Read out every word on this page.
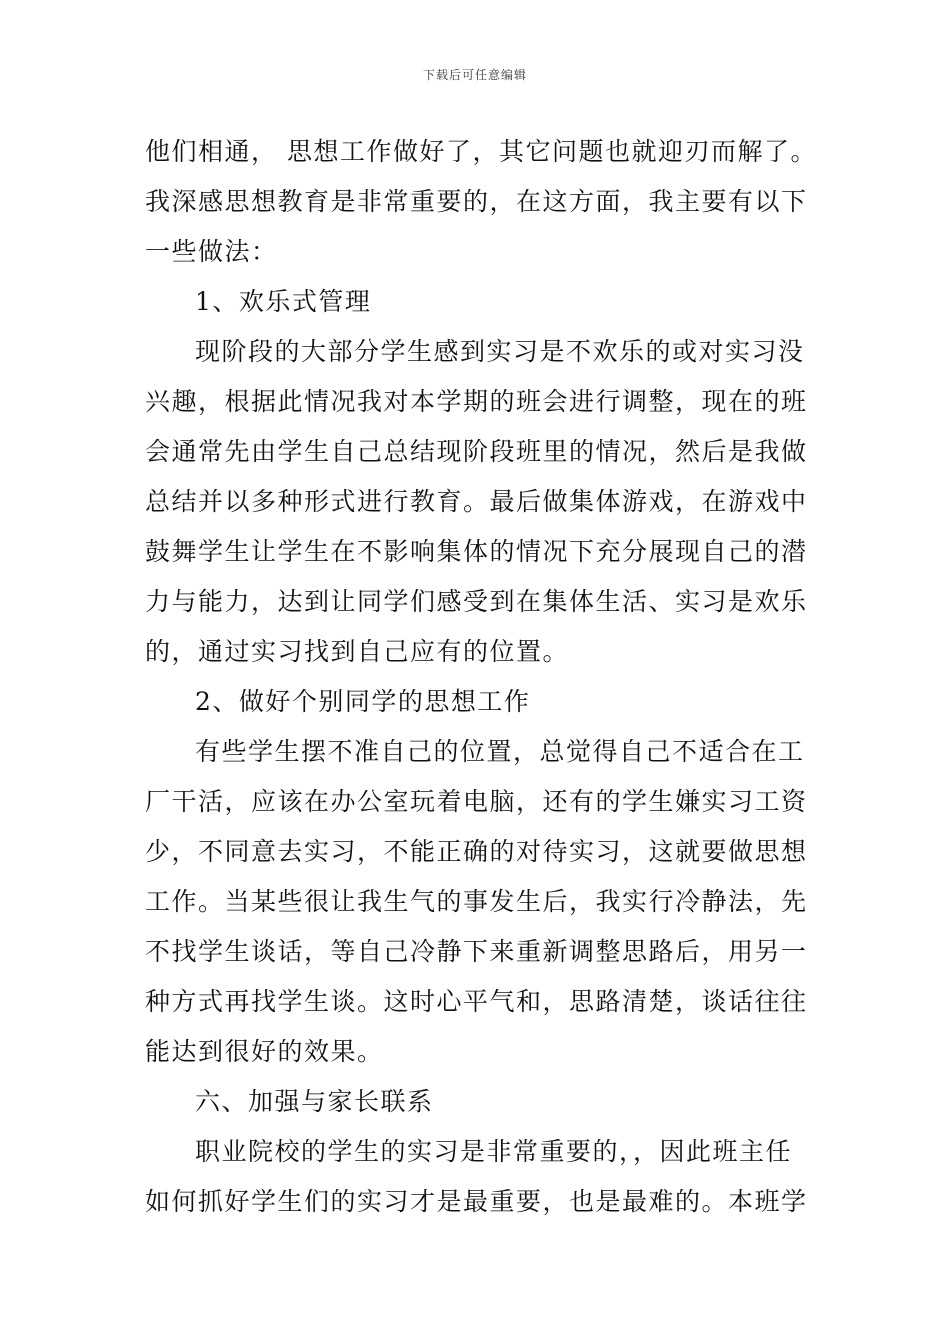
下载后可任意编辑
他们相通， 思想工作做好了，其它问题也就迎刃而解了。
我深感思想教育是非常重要的，在这方面，我主要有以下
一些做法：
1、欢乐式管理
现阶段的大部分学生感到实习是不欢乐的或对实习没
兴趣，根据此情况我对本学期的班会进行调整，现在的班
会通常先由学生自己总结现阶段班里的情况，然后是我做
总结并以多种形式进行教育。最后做集体游戏，在游戏中
鼓舞学生让学生在不影响集体的情况下充分展现自己的潜
力与能力，达到让同学们感受到在集体生活、实习是欢乐
的，通过实习找到自己应有的位置。
2、做好个别同学的思想工作
有些学生摆不准自己的位置，总觉得自己不适合在工
厂干活，应该在办公室玩着电脑，还有的学生嫌实习工资
少，不同意去实习，不能正确的对待实习，这就要做思想
工作。当某些很让我生气的事发生后，我实行冷静法，先
不找学生谈话，等自己冷静下来重新调整思路后，用另一
种方式再找学生谈。这时心平气和，思路清楚，谈话往往
能达到很好的效果。
六、加强与家长联系
职业院校的学生的实习是非常重要的，，因此班主任
如何抓好学生们的实习才是最重要，也是最难的。本班学
